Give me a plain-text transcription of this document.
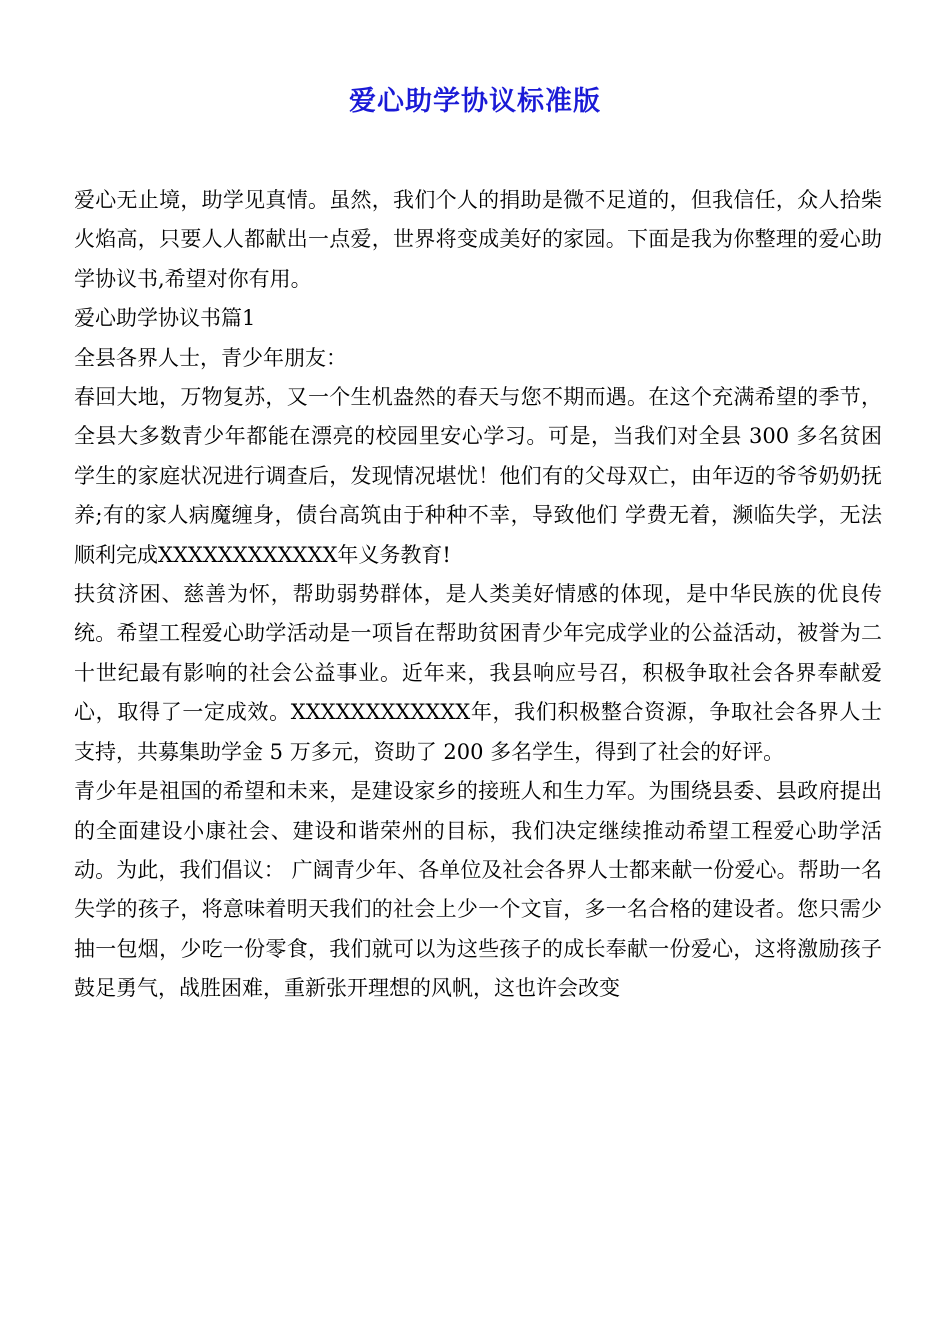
爱心助学协议标准版

爱心无止境，助学见真情。虽然，我们个人的捐助是微不足道的，但我信任，众人拾柴火焰高，只要人人都献出一点爱，世界将变成美好的家园。下面是我为你整理的爱心助学协议书,希望对你有用。

爱心助学协议书篇1

全县各界人士，青少年朋友：

春回大地，万物复苏，又一个生机盎然的春天与您不期而遇。在这个充满希望的季节，全县大多数青少年都能在漂亮的校园里安心学习。可是，当我们对全县 300 多名贫困学生的家庭状况进行调查后，发现情况堪忧！他们有的父母双亡，由年迈的爷爷奶奶抚养;有的家人病魔缠身，债台高筑由于种种不幸，导致他们 学费无着，濒临失学，无法顺利完成XXXXXXXXXXXX年义务教育!

扶贫济困、慈善为怀，帮助弱势群体，是人类美好情感的体现，是中华民族的优良传统。希望工程爱心助学活动是一项旨在帮助贫困青少年完成学业的公益活动，被誉为二十世纪最有影响的社会公益事业。近年来，我县响应号召，积极争取社会各界奉献爱心，取得了一定成效。XXXXXXXXXXXX年，我们积极整合资源，争取社会各界人士支持，共募集助学金 5 万多元，资助了 200 多名学生，得到了社会的好评。

青少年是祖国的希望和未来，是建设家乡的接班人和生力军。为围绕县委、县政府提出的全面建设小康社会、建设和谐荣州的目标，我们决定继续推动希望工程爱心助学活动。为此，我们倡议： 广阔青少年、各单位及社会各界人士都来献一份爱心。帮助一名失学的孩子，将意味着明天我们的社会上少一个文盲，多一名合格的建设者。您只需少抽一包烟，少吃一份零食，我们就可以为这些孩子的成长奉献一份爱心，这将激励孩子鼓足勇气，战胜困难，重新张开理想的风帆，这也许会改变
